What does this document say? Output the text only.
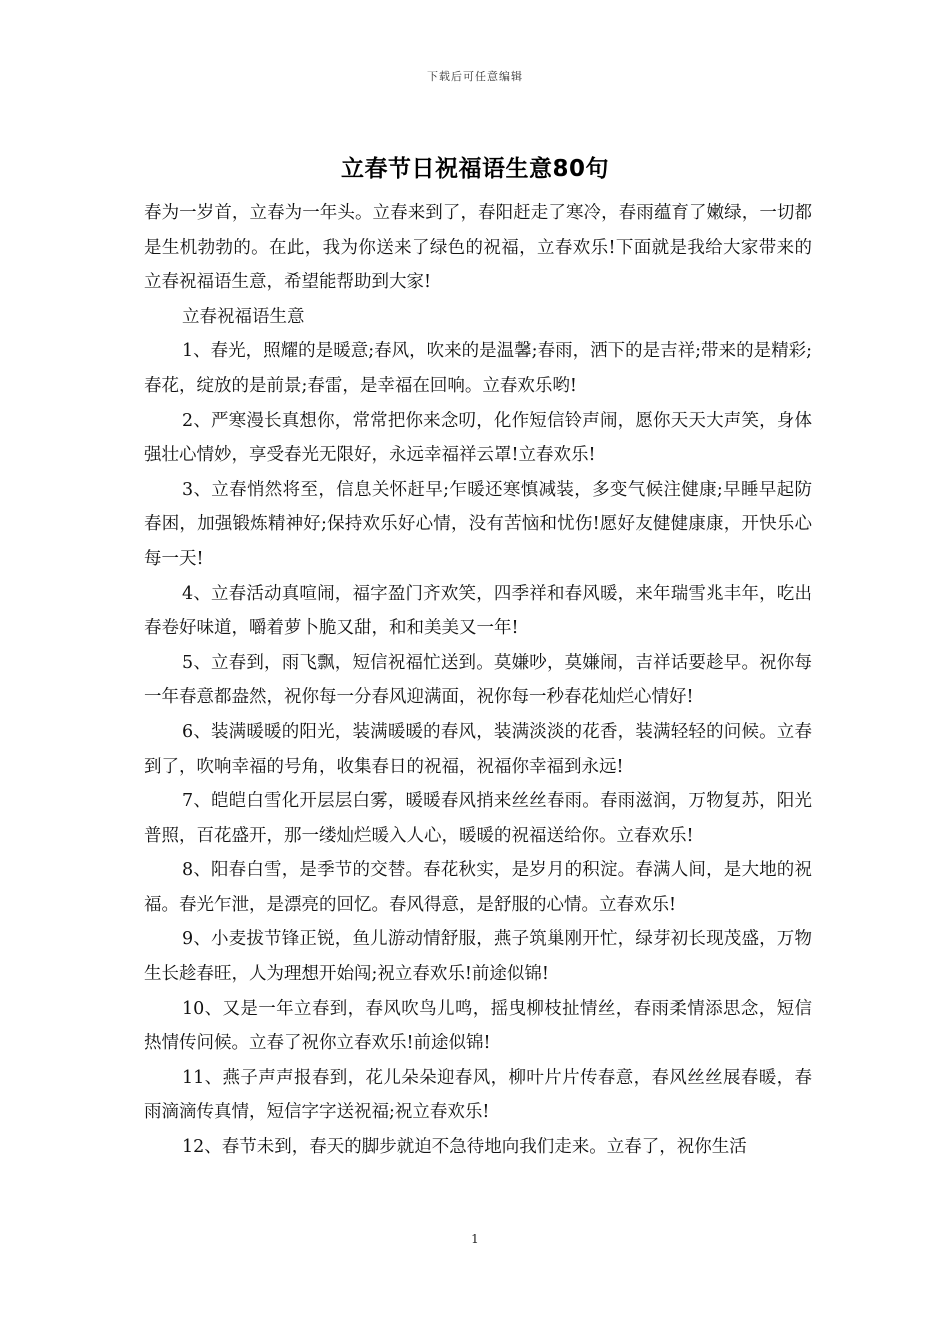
下载后可任意编辑
立春节日祝福语生意80句

春为一岁首，立春为一年头。立春来到了，春阳赶走了寒冷，春雨蕴育了嫩绿，一切都是生机勃勃的。在此，我为你送来了绿色的祝福，立春欢乐!下面就是我给大家带来的立春祝福语生意，希望能帮助到大家!

立春祝福语生意

1、春光，照耀的是暖意;春风，吹来的是温馨;春雨，洒下的是吉祥;带来的是精彩;春花，绽放的是前景;春雷，是幸福在回响。立春欢乐哟!

2、严寒漫长真想你，常常把你来念叨，化作短信铃声闹，愿你天天大声笑，身体强壮心情妙，享受春光无限好，永远幸福祥云罩!立春欢乐!

3、立春悄然将至，信息关怀赶早;乍暖还寒慎减装，多变气候注健康;早睡早起防春困，加强锻炼精神好;保持欢乐好心情，没有苦恼和忧伤!愿好友健健康康，开快乐心每一天!

4、立春活动真喧闹，福字盈门齐欢笑，四季祥和春风暖，来年瑞雪兆丰年，吃出春卷好味道，嚼着萝卜脆又甜，和和美美又一年!

5、立春到，雨飞飘，短信祝福忙送到。莫嫌吵，莫嫌闹，吉祥话要趁早。祝你每一年春意都盎然，祝你每一分春风迎满面，祝你每一秒春花灿烂心情好!

6、装满暖暖的阳光，装满暖暖的春风，装满淡淡的花香，装满轻轻的问候。立春到了，吹响幸福的号角，收集春日的祝福，祝福你幸福到永远!

7、皑皑白雪化开层层白雾，暖暖春风捎来丝丝春雨。春雨滋润，万物复苏，阳光普照，百花盛开，那一缕灿烂暖入人心，暖暖的祝福送给你。立春欢乐!

8、阳春白雪，是季节的交替。春花秋实，是岁月的积淀。春满人间，是大地的祝福。春光乍泄，是漂亮的回忆。春风得意，是舒服的心情。立春欢乐!

9、小麦拔节锋正锐，鱼儿游动情舒服，燕子筑巢刚开忙，绿芽初长现茂盛，万物生长趁春旺，人为理想开始闯;祝立春欢乐!前途似锦!

10、又是一年立春到，春风吹鸟儿鸣，摇曳柳枝扯情丝，春雨柔情添思念，短信热情传问候。立春了祝你立春欢乐!前途似锦!

11、燕子声声报春到，花儿朵朵迎春风，柳叶片片传春意，春风丝丝展春暖，春雨滴滴传真情，短信字字送祝福;祝立春欢乐!

12、春节未到，春天的脚步就迫不急待地向我们走来。立春了，祝你生活

1
